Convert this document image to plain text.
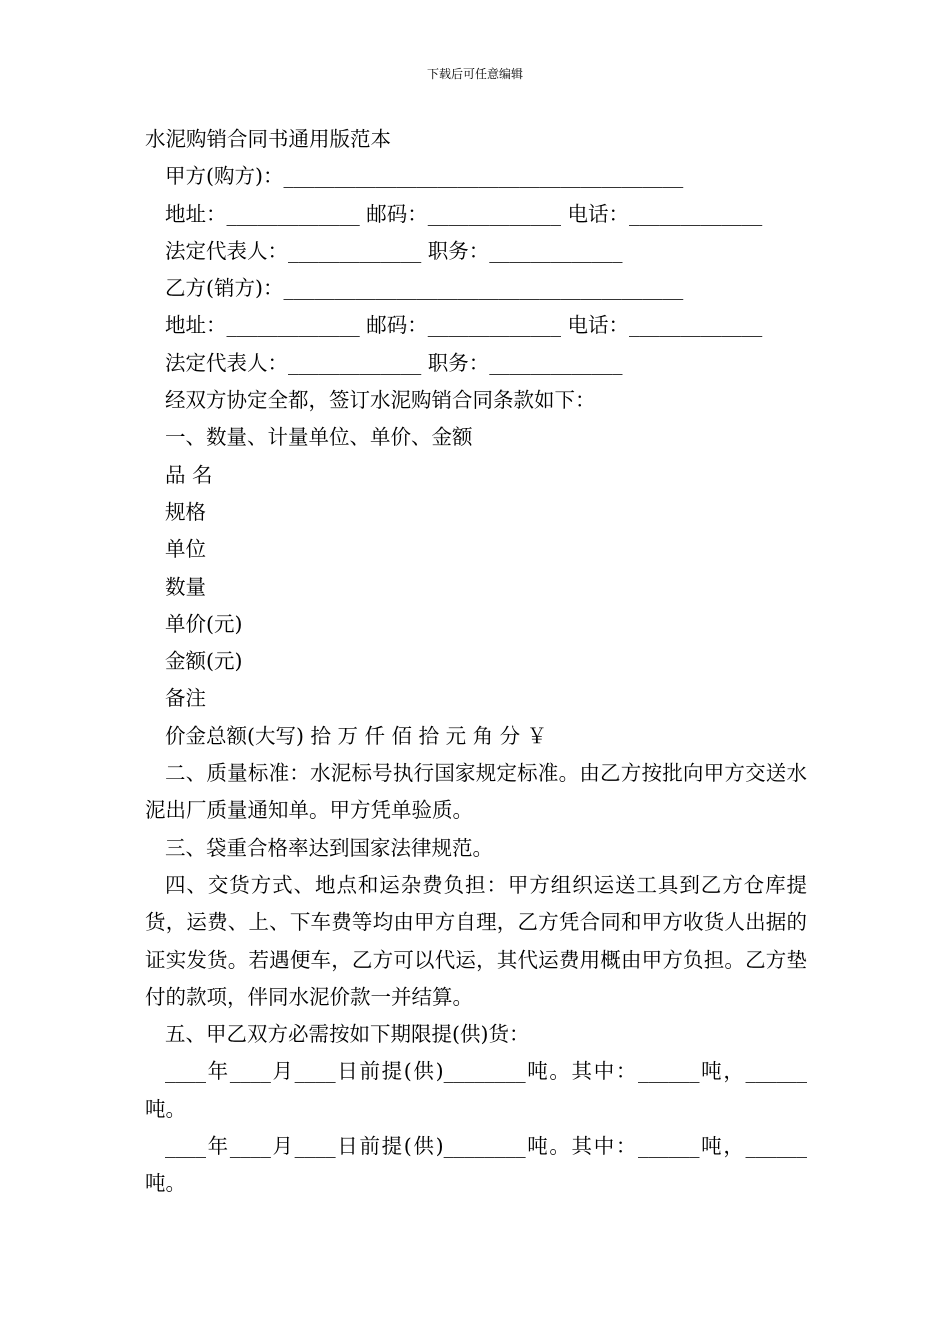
下载后可任意编辑
水泥购销合同书通用版范本
甲方(购方)：_______________________________________
地址：_____________ 邮码：_____________ 电话：_____________
法定代表人：_____________ 职务：_____________
乙方(销方)：_______________________________________
地址：_____________ 邮码：_____________ 电话：_____________
法定代表人：_____________ 职务：_____________
经双方协定全都，签订水泥购销合同条款如下：
一、数量、计量单位、单价、金额
品 名
规格
单位
数量
单价(元)
金额(元)
备注
价金总额(大写) 拾 万 仟 佰 拾 元 角 分 ￥
二、质量标准：水泥标号执行国家规定标准。由乙方按批向甲方交送水泥出厂质量通知单。甲方凭单验质。
三、袋重合格率达到国家法律规范。
四、交货方式、地点和运杂费负担：甲方组织运送工具到乙方仓库提货，运费、上、下车费等均由甲方自理，乙方凭合同和甲方收货人出据的证实发货。若遇便车，乙方可以代运，其代运费用概由甲方负担。乙方垫付的款项，伴同水泥价款一并结算。
五、甲乙双方必需按如下期限提(供)货：
____年____月____日前提(供)________吨。其中：______吨，______吨。
____年____月____日前提(供)________吨。其中：______吨，______吨。
